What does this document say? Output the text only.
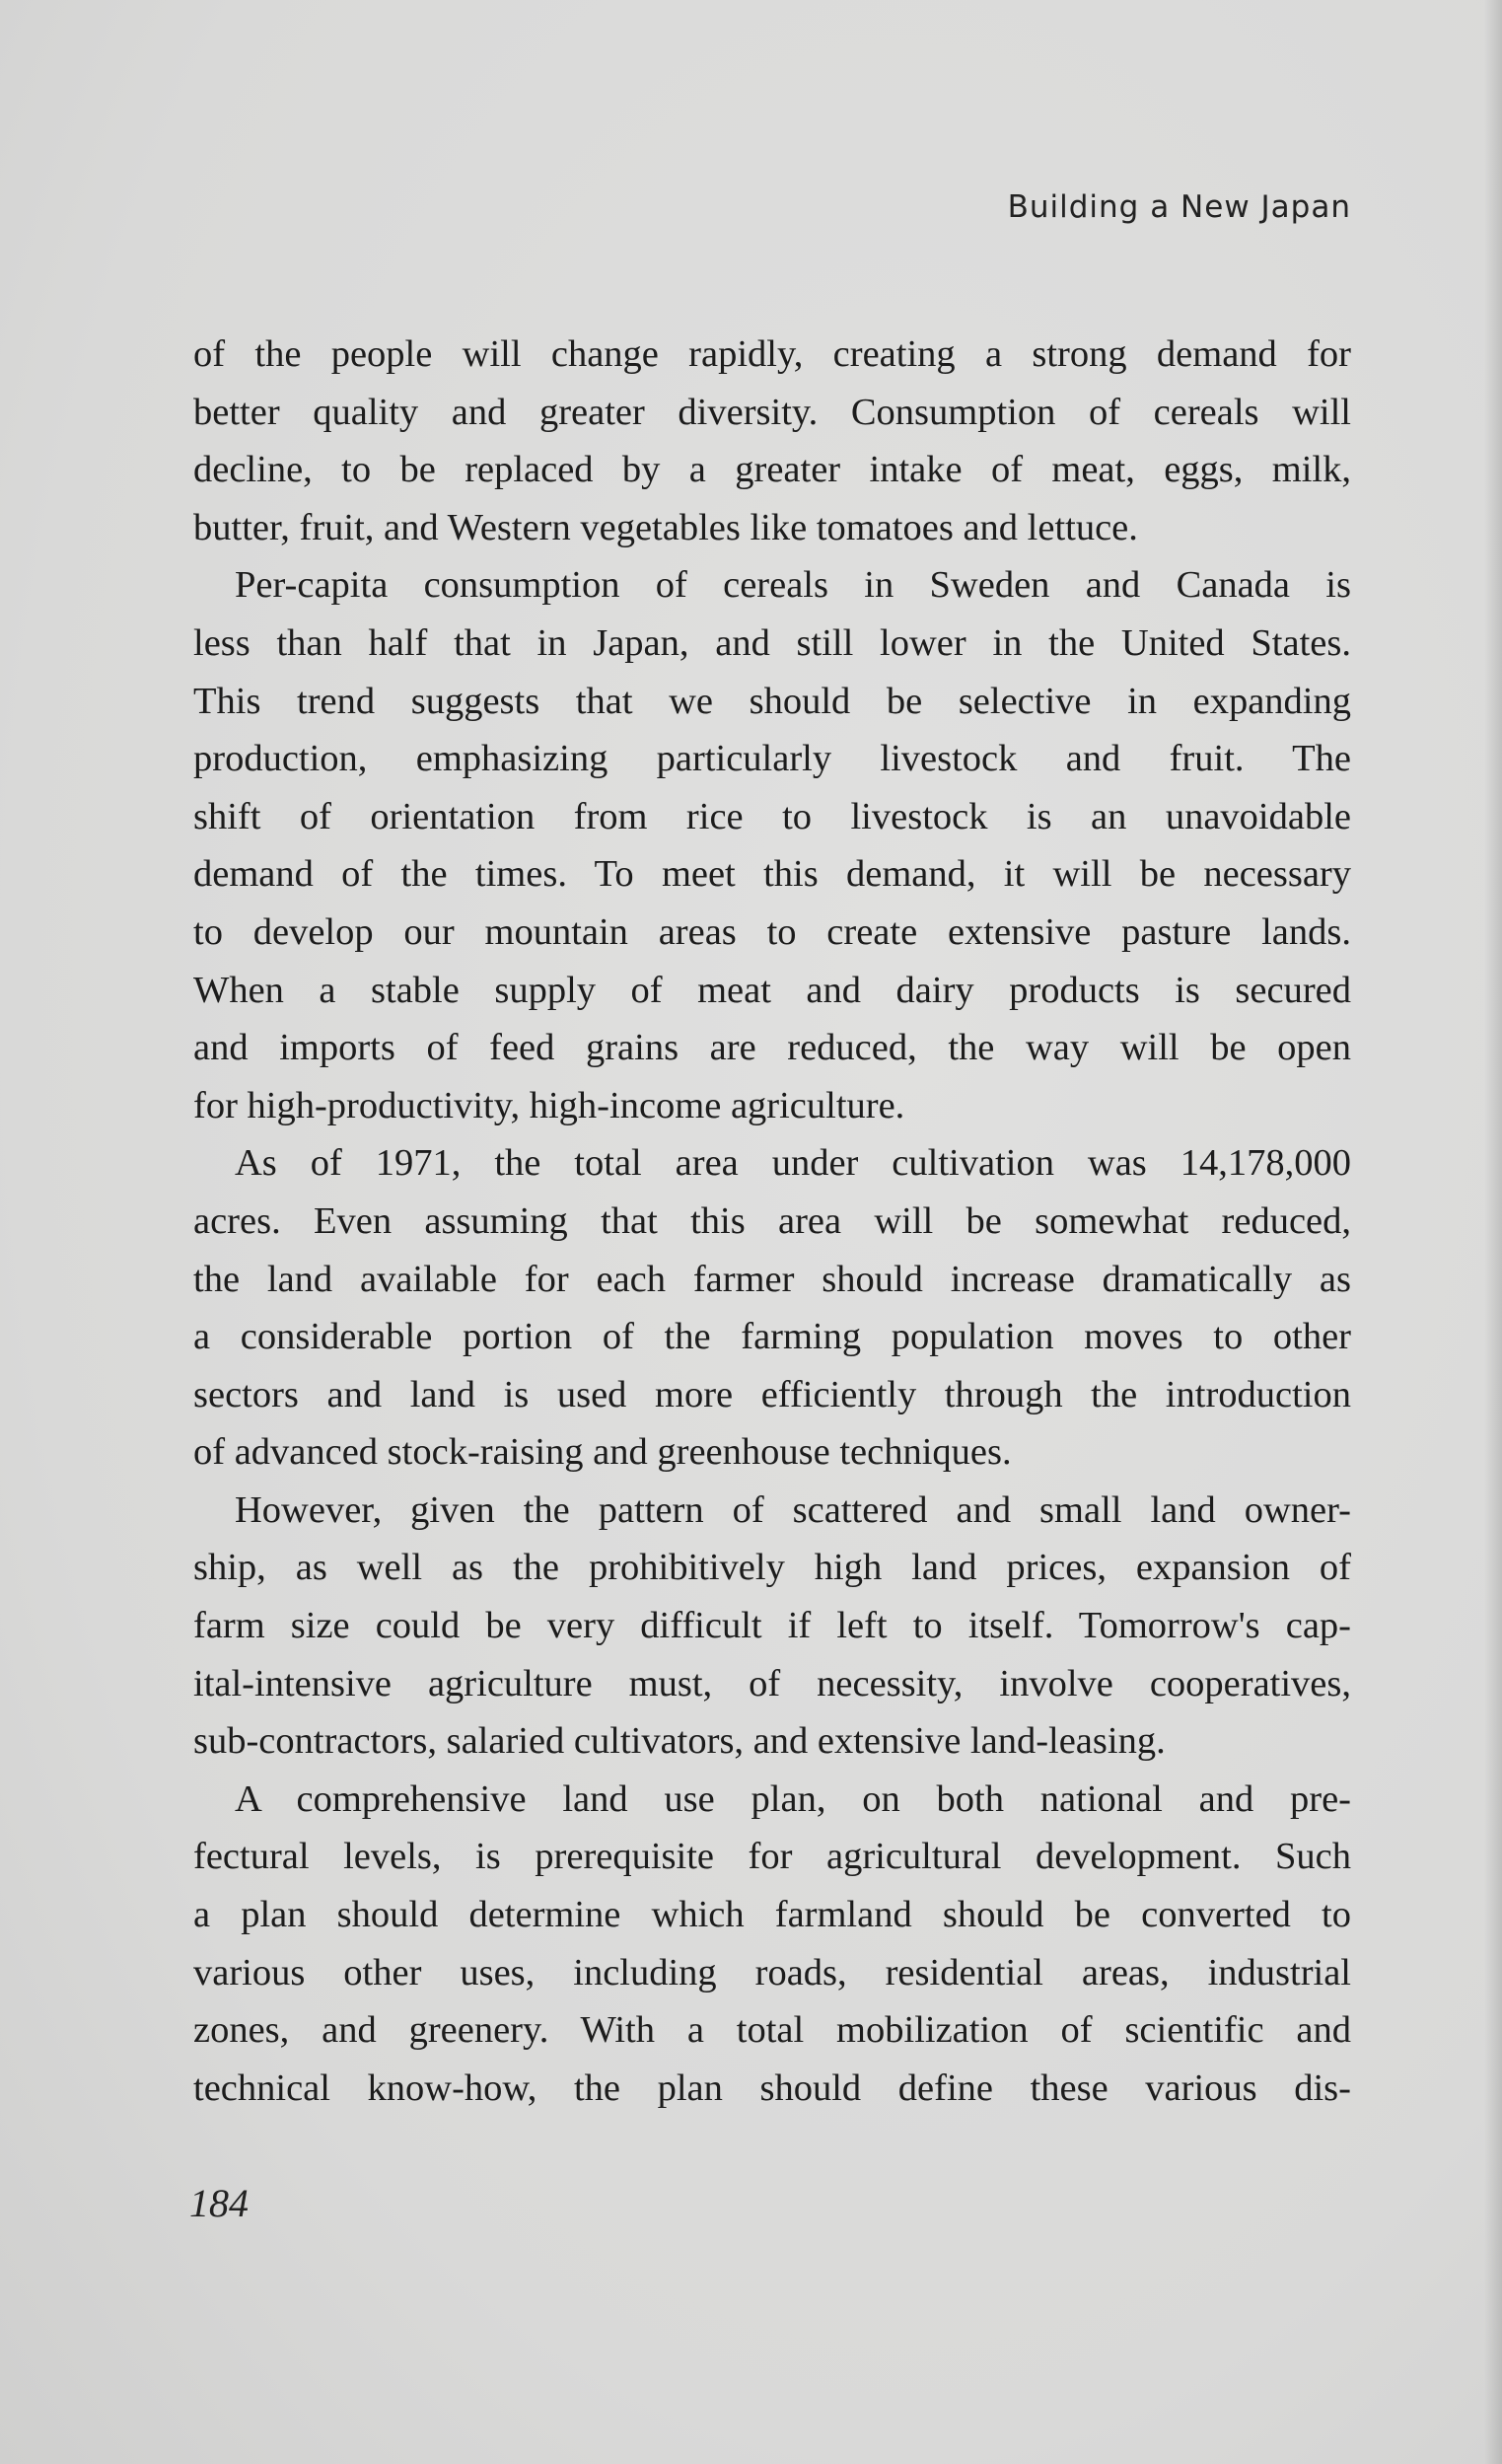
Building a New Japan
of the people will change rapidly, creating a strong demand for
better quality and greater diversity. Consumption of cereals will
decline, to be replaced by a greater intake of meat, eggs, milk,
butter, fruit, and Western vegetables like tomatoes and lettuce.
Per-capita consumption of cereals in Sweden and Canada is
less than half that in Japan, and still lower in the United States.
This trend suggests that we should be selective in expanding
production, emphasizing particularly livestock and fruit. The
shift of orientation from rice to livestock is an unavoidable
demand of the times. To meet this demand, it will be necessary
to develop our mountain areas to create extensive pasture lands.
When a stable supply of meat and dairy products is secured
and imports of feed grains are reduced, the way will be open
for high-productivity, high-income agriculture.
As of 1971, the total area under cultivation was 14,178,000
acres. Even assuming that this area will be somewhat reduced,
the land available for each farmer should increase dramatically as
a considerable portion of the farming population moves to other
sectors and land is used more efficiently through the introduction
of advanced stock-raising and greenhouse techniques.
However, given the pattern of scattered and small land owner-
ship, as well as the prohibitively high land prices, expansion of
farm size could be very difficult if left to itself. Tomorrow's cap-
ital-intensive agriculture must, of necessity, involve cooperatives,
sub-contractors, salaried cultivators, and extensive land-leasing.
A comprehensive land use plan, on both national and pre-
fectural levels, is prerequisite for agricultural development. Such
a plan should determine which farmland should be converted to
various other uses, including roads, residential areas, industrial
zones, and greenery. With a total mobilization of scientific and
technical know-how, the plan should define these various dis-
184
